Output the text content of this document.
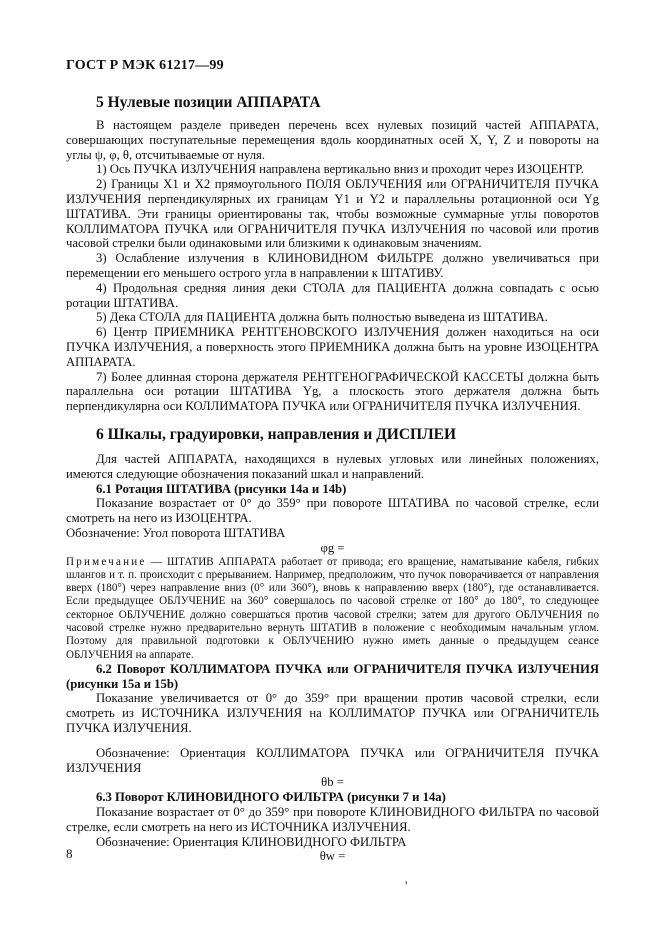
ГОСТ Р МЭК 61217—99
5 Нулевые позиции АППАРАТА

В настоящем разделе приведен перечень всех нулевых позиций частей АППАРАТА, совершающих поступательные перемещения вдоль координатных осей X, Y, Z и повороты на углы ψ, φ, θ, отсчитываемые от нуля.

1) Ось ПУЧКА ИЗЛУЧЕНИЯ направлена вертикально вниз и проходит через ИЗОЦЕНТР.

2) Границы X1 и X2 прямоугольного ПОЛЯ ОБЛУЧЕНИЯ или ОГРАНИЧИТЕЛЯ ПУЧКА ИЗЛУЧЕНИЯ перпендикулярных их границам Y1 и Y2 и параллельны ротационной оси Yg ШТАТИВА. Эти границы ориентированы так, чтобы возможные суммарные углы поворотов КОЛЛИМАТОРА ПУЧКА или ОГРАНИЧИТЕЛЯ ПУЧКА ИЗЛУЧЕНИЯ по часовой или против часовой стрелки были одинаковыми или близкими к одинаковым значениям.

3) Ослабление излучения в КЛИНОВИДНОМ ФИЛЬТРЕ должно увеличиваться при перемещении его меньшего острого угла в направлении к ШТАТИВУ.

4) Продольная средняя линия деки СТОЛА для ПАЦИЕНТА должна совпадать с осью ротации ШТАТИВА.

5) Дека СТОЛА для ПАЦИЕНТА должна быть полностью выведена из ШТАТИВА.

6) Центр ПРИЕМНИКА РЕНТГЕНОВСКОГО ИЗЛУЧЕНИЯ должен находиться на оси ПУЧКА ИЗЛУЧЕНИЯ, а поверхность этого ПРИЕМНИКА должна быть на уровне ИЗОЦЕНТРА АППАРАТА.

7) Более длинная сторона держателя РЕНТГЕНОГРАФИЧЕСКОЙ КАССЕТЫ должна быть параллельна оси ротации ШТАТИВА Yg, а плоскость этого держателя должна быть перпендикулярна оси КОЛЛИМАТОРА ПУЧКА или ОГРАНИЧИТЕЛЯ ПУЧКА ИЗЛУЧЕНИЯ.

6 Шкалы, градуировки, направления и ДИСПЛЕИ

Для частей АППАРАТА, находящихся в нулевых угловых или линейных положениях, имеются следующие обозначения показаний шкал и направлений.

6.1 Ротация ШТАТИВА (рисунки 14a и 14b)

Показание возрастает от 0° до 359° при повороте ШТАТИВА по часовой стрелке, если смотреть на него из ИЗОЦЕНТРА.

Обозначение: Угол поворота ШТАТИВА

φg =

Примечание — ШТАТИВ АППАРАТА работает от привода; его вращение, наматывание кабеля, гибких шлангов и т. п. происходит с прерыванием. Например, предположим, что пучок поворачивается от направления вверх (180°) через направление вниз (0° или 360°), вновь к направлению вверх (180°), где останавливается. Если предыдущее ОБЛУЧЕНИЕ на 360° совершалось по часовой стрелке от 180° до 180°, то следующее секторное ОБЛУЧЕНИЕ должно совершаться против часовой стрелки; затем для другого ОБЛУЧЕНИЯ по часовой стрелке нужно предварительно вернуть ШТАТИВ в положение с необходимым начальным углом. Поэтому для правильной подготовки к ОБЛУЧЕНИЮ нужно иметь данные о предыдущем сеансе ОБЛУЧЕНИЯ на аппарате.

6.2 Поворот КОЛЛИМАТОРА ПУЧКА или ОГРАНИЧИТЕЛЯ ПУЧКА ИЗЛУЧЕНИЯ (рисунки 15a и 15b)

Показание увеличивается от 0° до 359° при вращении против часовой стрелки, если смотреть из ИСТОЧНИКА ИЗЛУЧЕНИЯ на КОЛЛИМАТОР ПУЧКА или ОГРАНИЧИТЕЛЬ ПУЧКА ИЗЛУЧЕНИЯ.

Обозначение: Ориентация КОЛЛИМАТОРА ПУЧКА или ОГРАНИЧИТЕЛЯ ПУЧКА ИЗЛУЧЕНИЯ

θb =

6.3 Поворот КЛИНОВИДНОГО ФИЛЬТРА (рисунки 7 и 14a)

Показание возрастает от 0° до 359° при повороте КЛИНОВИДНОГО ФИЛЬТРА по часовой стрелке, если смотреть на него из ИСТОЧНИКА ИЗЛУЧЕНИЯ.

Обозначение: Ориентация КЛИНОВИДНОГО ФИЛЬТРА

θw =

8
'
